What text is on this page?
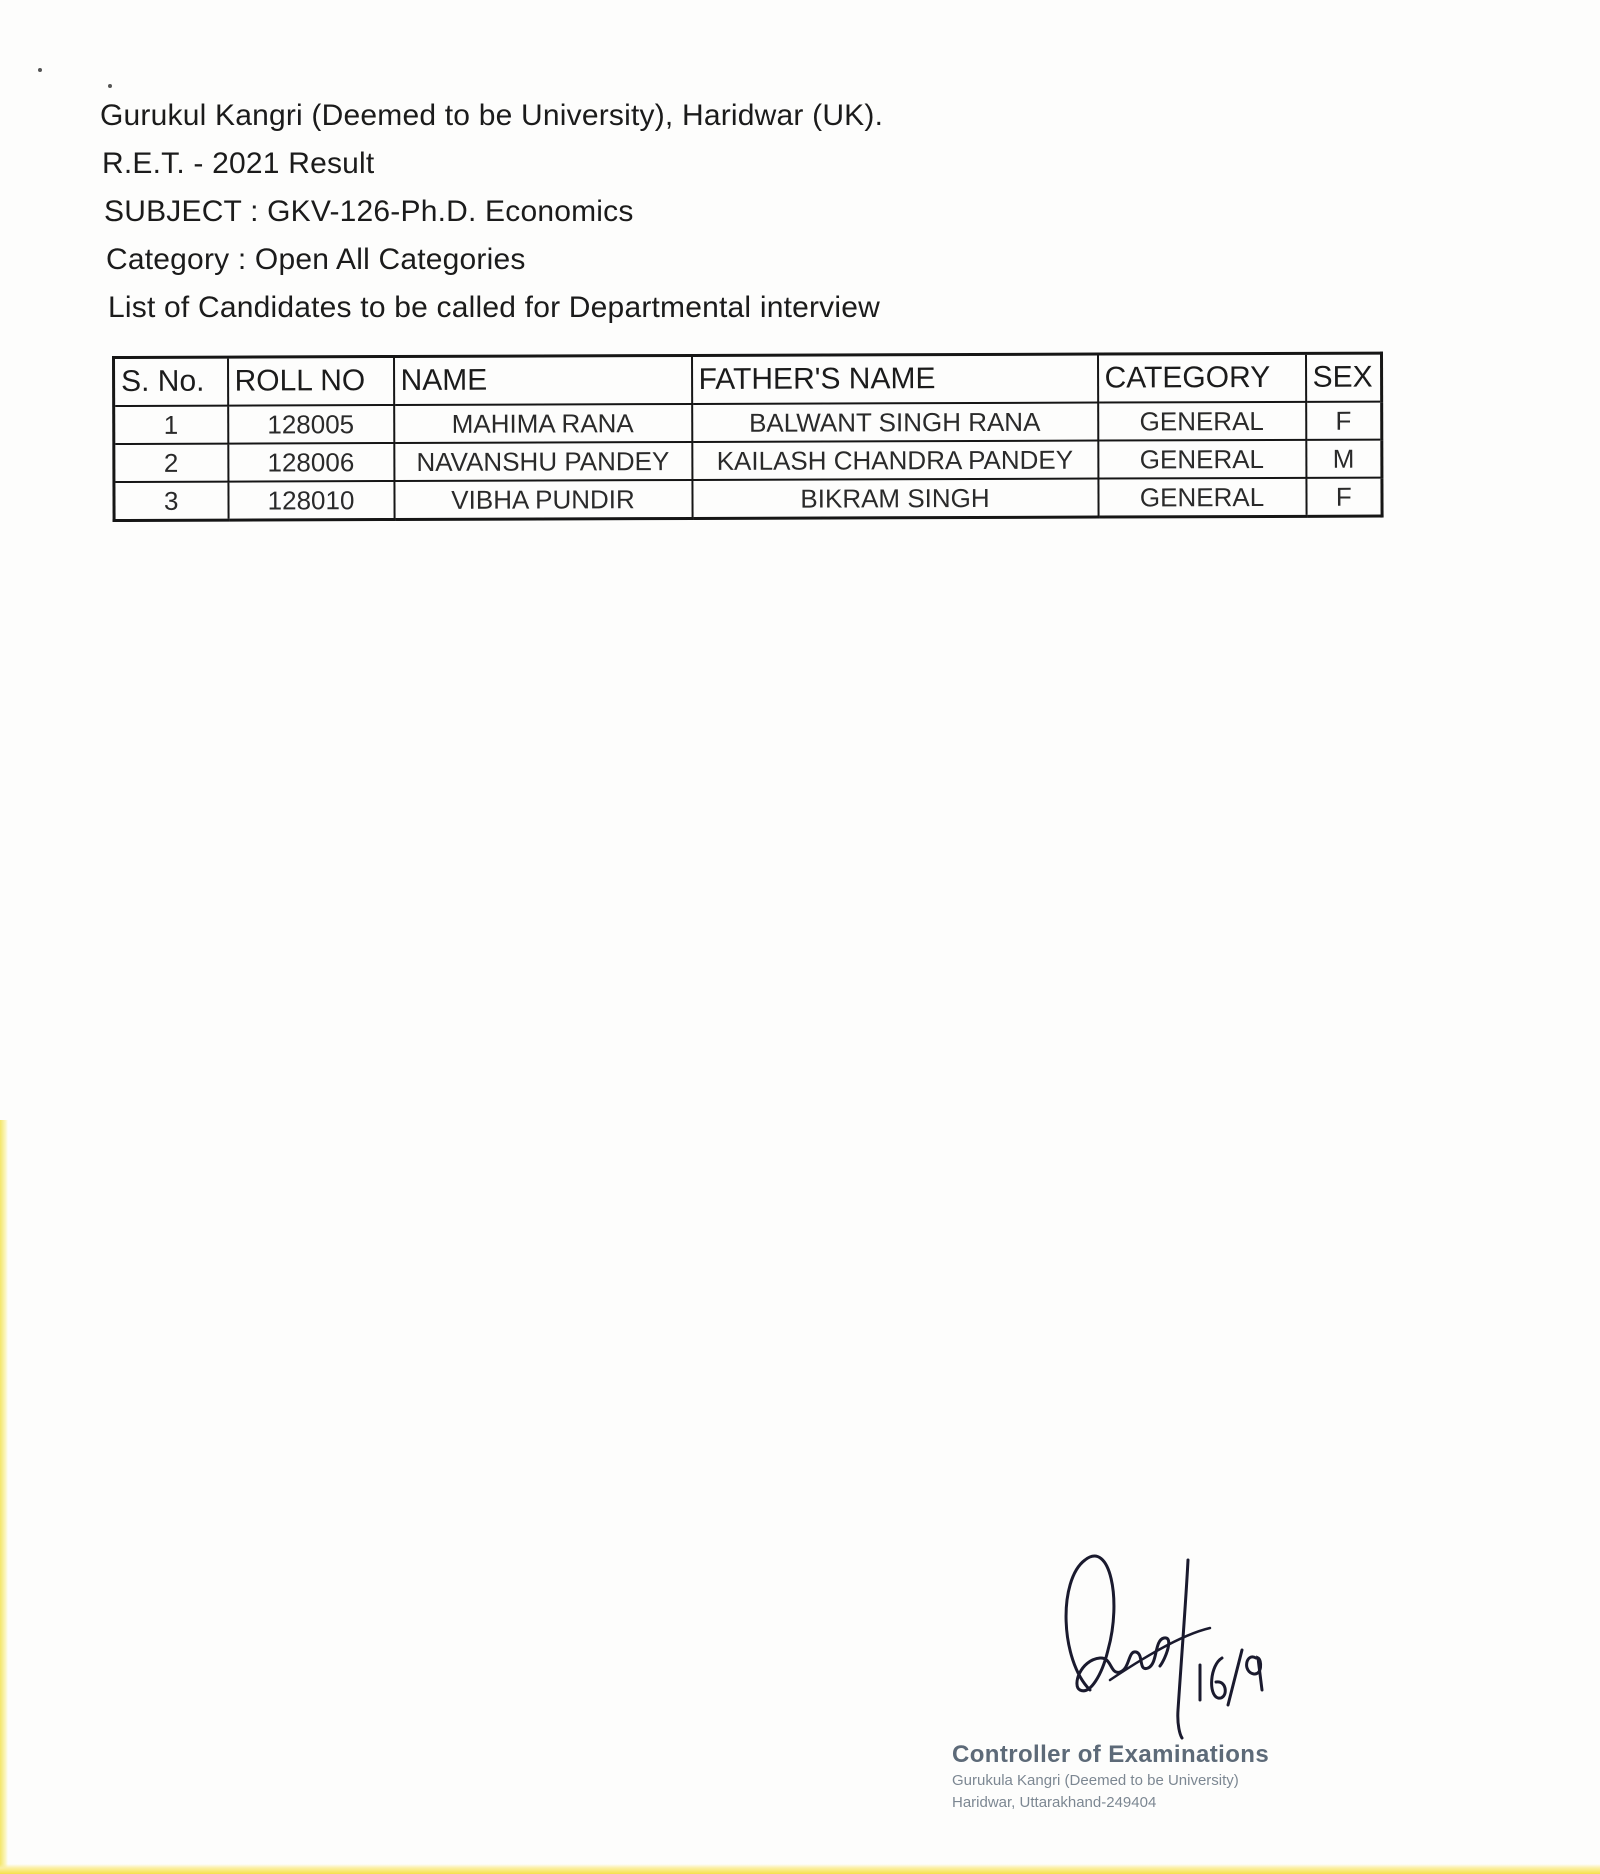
Gurukul Kangri (Deemed to be University), Haridwar (UK).
R.E.T. - 2021 Result
SUBJECT : GKV-126-Ph.D. Economics
Category : Open All Categories
List of Candidates to be called for Departmental interview
S. No.	ROLL NO	NAME	FATHER'S NAME	CATEGORY	SEX
1	128005	MAHIMA RANA	BALWANT SINGH RANA	GENERAL	F
2	128006	NAVANSHU PANDEY	KAILASH CHANDRA PANDEY	GENERAL	M
3	128010	VIBHA PUNDIR	BIKRAM SINGH	GENERAL	F
Controller of Examinations
Gurukula Kangri (Deemed to be University)
Haridwar, Uttarakhand-249404
